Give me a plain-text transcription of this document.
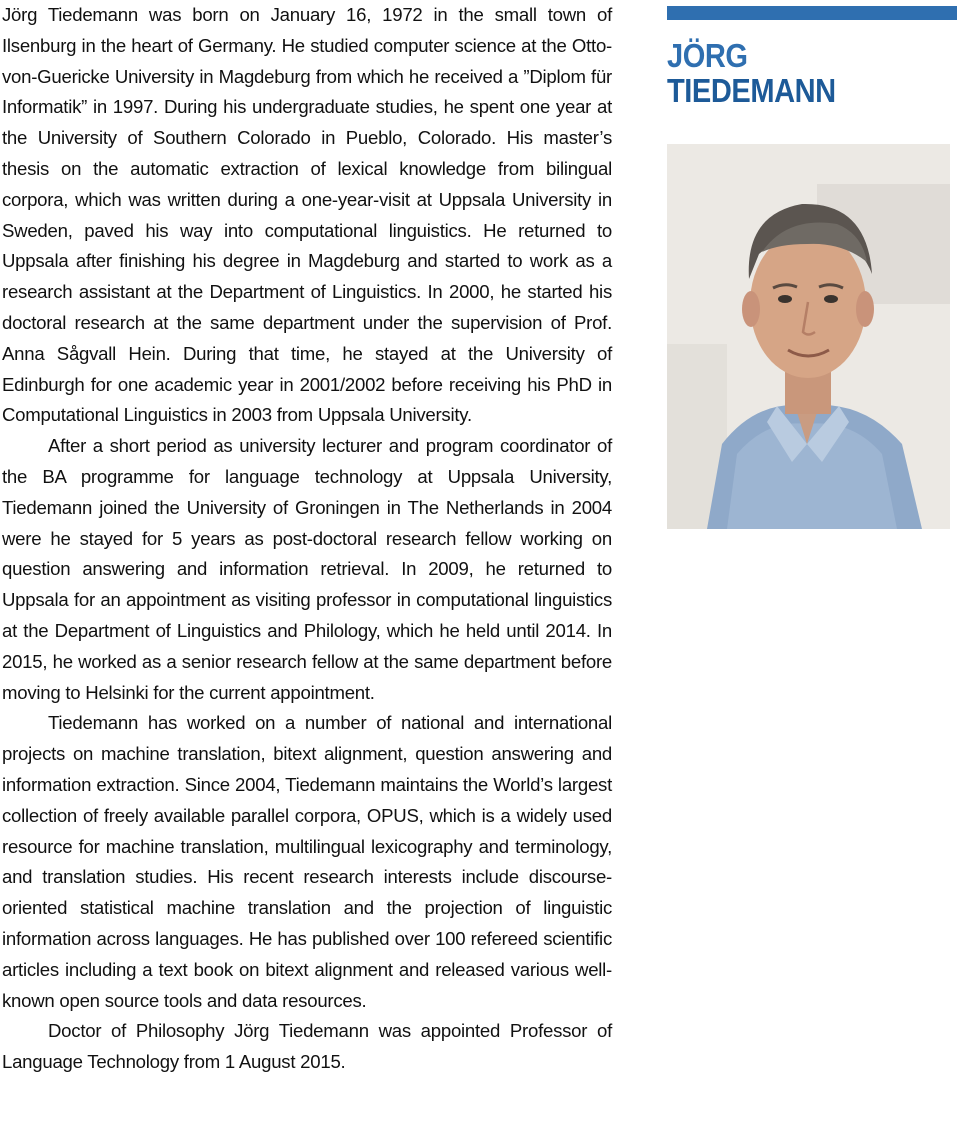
Jörg Tiedemann was born on January 16, 1972 in the small town of Ilsenburg in the heart of Germany. He studied computer science at the Otto-von-Guericke University in Magdeburg from which he received a ”Diplom für Informatik” in 1997. During his undergraduate studies, he spent one year at the University of Southern Colorado in Pueblo, Colorado. His master’s thesis on the automatic extraction of lexical knowledge from bilingual corpora, which was written during a one-year-visit at Uppsala University in Sweden, paved his way into computational linguistics. He returned to Uppsala after finishing his degree in Magdeburg and started to work as a research assistant at the Department of Linguistics. In 2000, he started his doctoral research at the same department under the supervision of Prof. Anna Sågvall Hein. During that time, he stayed at the University of Edinburgh for one academic year in 2001/2002 before receiving his PhD in Computational Linguistics in 2003 from Uppsala University.

After a short period as university lecturer and program coordinator of the BA programme for language technology at Uppsala University, Tiedemann joined the University of Groningen in The Netherlands in 2004 were he stayed for 5 years as post-doctoral research fellow working on question answering and information retrieval. In 2009, he returned to Uppsala for an appointment as visiting professor in computational linguistics at the Department of Linguistics and Philology, which he held until 2014. In 2015, he worked as a senior research fellow at the same department before moving to Helsinki for the current appointment.

Tiedemann has worked on a number of national and international projects on machine translation, bitext alignment, question answering and information extraction. Since 2004, Tiedemann maintains the World’s largest collection of freely available parallel corpora, OPUS, which is a widely used resource for machine translation, multilingual lexicography and terminology, and translation studies. His recent research interests include discourse-oriented statistical machine translation and the projection of linguistic information across languages. He has published over 100 refereed scientific articles including a text book on bitext alignment and released various well-known open source tools and data resources.

Doctor of Philosophy Jörg Tiedemann was appointed Professor of Language Technology from 1 August 2015.

JÖRG
TIEDEMANN
